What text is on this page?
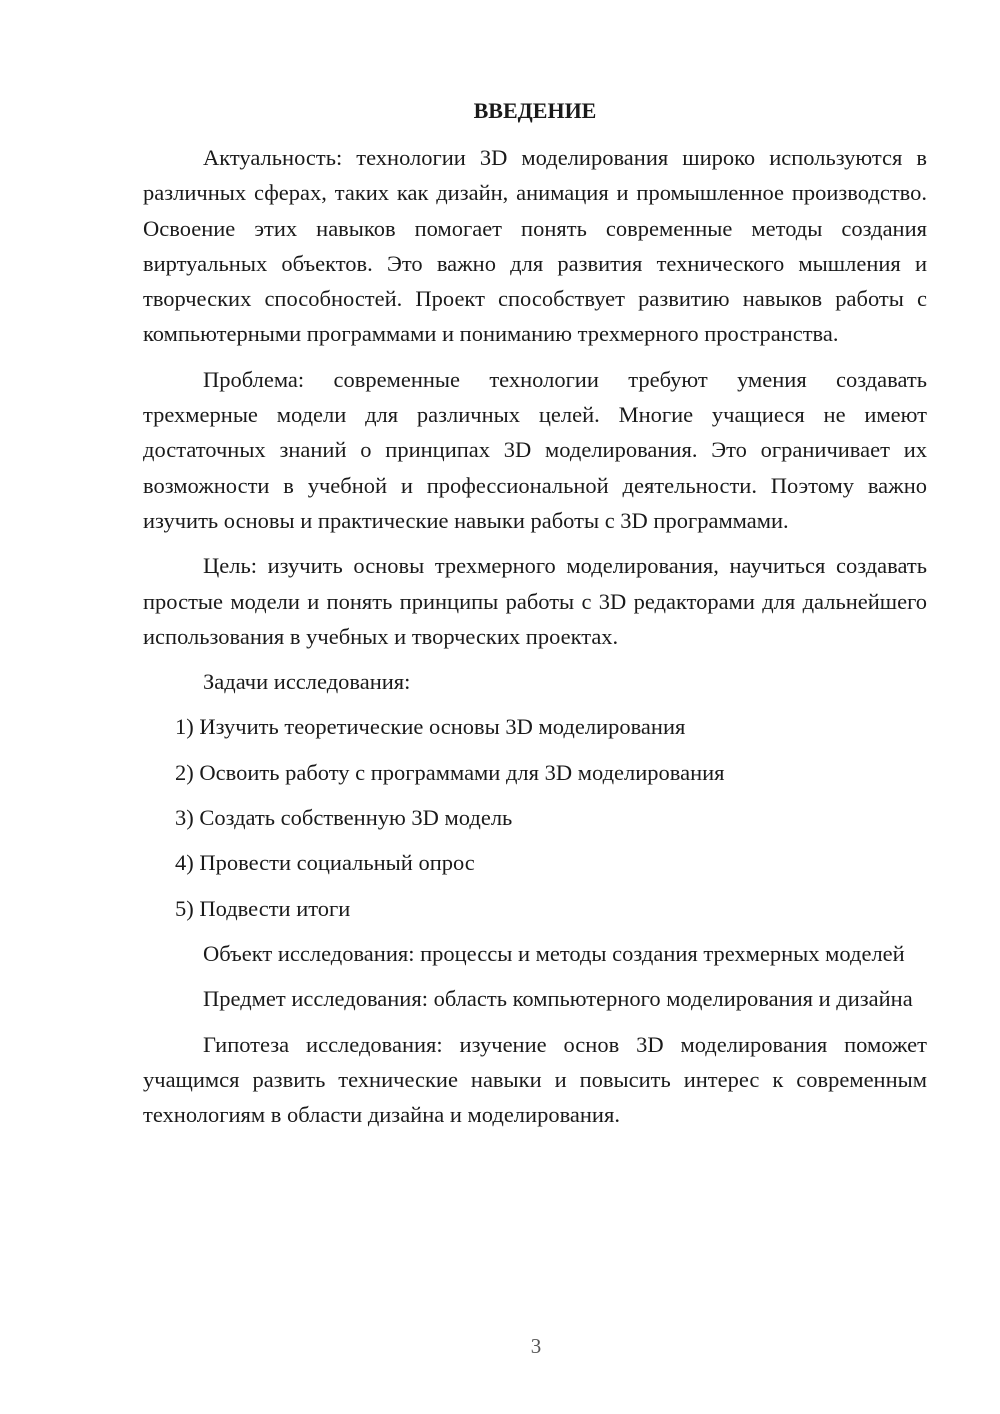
ВВЕДЕНИЕ

Актуальность: технологии 3D моделирования широко используются в различных сферах, таких как дизайн, анимация и промышленное производство. Освоение этих навыков помогает понять современные методы создания виртуальных объектов. Это важно для развития технического мышления и творческих способностей. Проект способствует развитию навыков работы с компьютерными программами и пониманию трехмерного пространства.

Проблема: современные технологии требуют умения создавать трехмерные модели для различных целей. Многие учащиеся не имеют достаточных знаний о принципах 3D моделирования. Это ограничивает их возможности в учебной и профессиональной деятельности. Поэтому важно изучить основы и практические навыки работы с 3D программами.

Цель: изучить основы трехмерного моделирования, научиться создавать простые модели и понять принципы работы с 3D редакторами для дальнейшего использования в учебных и творческих проектах.

Задачи исследования:

1) Изучить теоретические основы 3D моделирования
2) Освоить работу с программами для 3D моделирования
3) Создать собственную 3D модель
4) Провести социальный опрос
5) Подвести итоги

Объект исследования: процессы и методы создания трехмерных моделей

Предмет исследования: область компьютерного моделирования и дизайна

Гипотеза исследования: изучение основ 3D моделирования поможет учащимся развить технические навыки и повысить интерес к современным технологиям в области дизайна и моделирования.

3
